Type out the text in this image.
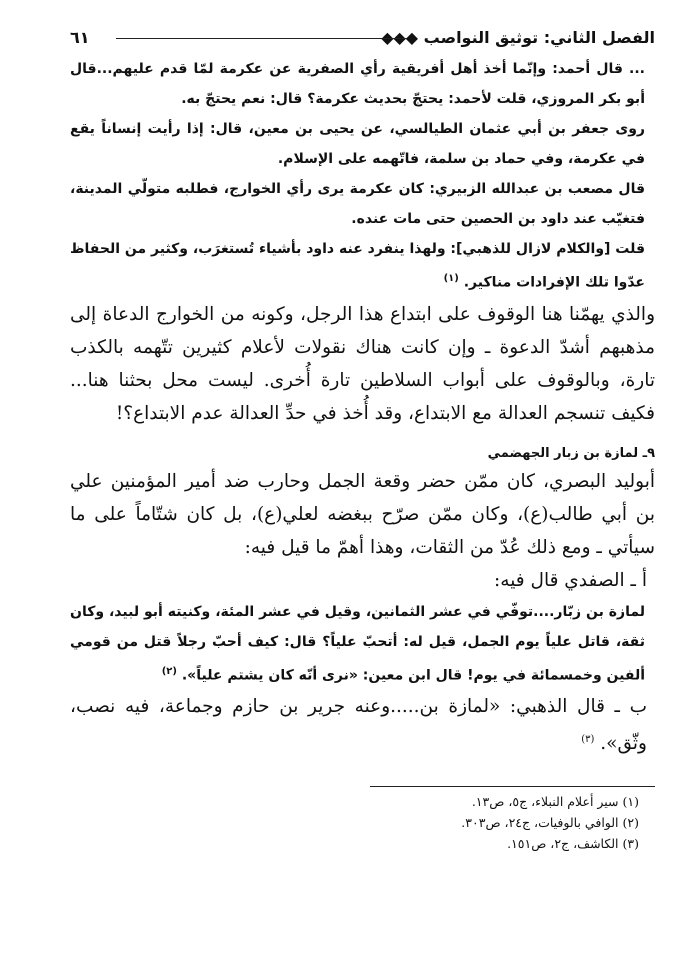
الفصل الثاني: توثيق النواصب ◆◆◆
٦١

... قال أحمد: وإنّما أخذ أهل أفريقية رأي الصفرية عن عكرمة لمّا قدم عليهم...قال أبو بكر المروزي، قلت لأحمد: يحتجّ بحديث عكرمة؟ قال: نعم يحتجّ به.

روى جعفر بن أبي عثمان الطيالسي، عن يحيى بن معين، قال: إذا رأيت إنساناً يقع في عكرمة، وفي حماد بن سلمة، فاتّهمه على الإسلام.

قال مصعب بن عبدالله الزبيري: كان عكرمة يرى رأي الخوارج، فطلبه متولّي المدينة، فتغيّب عند داود بن الحصين حتى مات عنده.

قلت [والكلام لازال للذهبي]: ولهذا ينفرد عنه داود بأشياء تُستغرَب، وكثير من الحفاظ عدّوا تلك الإفرادات مناكير. $^{(١)}$

والذي يهمّنا هنا الوقوف على ابتداع هذا الرجل، وكونه من الخوارج الدعاة إلى مذهبهم أشدّ الدعوة ـ وإن كانت هناك نقولات لأعلام كثيرين تتّهمه بالكذب تارة، وبالوقوف على أبواب السلاطين تارة أُخرى. ليست محل بحثنا هنا... فكيف تنسجم العدالة مع الابتداع، وقد أُخذ في حدِّ العدالة عدم الابتداع؟!

٩ـ لمازة بن زبار الجهضمي

أبوليد البصري، كان ممّن حضر وقعة الجمل وحارب ضد أمير المؤمنين علي بن أبي طالب(ع)، وكان ممّن صرّح ببغضه لعلي(ع)، بل كان شتّاماً على ما سيأتي ـ ومع ذلك عُدّ من الثقات، وهذا أهمّ ما قيل فيه:

أ ـ الصفدي قال فيه:

لمازة بن زبّار....توفّي في عشر الثمانين، وقيل في عشر المئة، وكنيته أبو لبيد، وكان ثقة، قاتل علياً يوم الجمل، قيل له: أتحبّ علياً؟ قال: كيف أحبّ رجلاً قتل من قومي ألفين وخمسمائة في يوم! قال ابن معين: «نرى أنّه كان يشتم علياً». $^{(٢)}$

ب ـ قال الذهبي: «لمازة بن.....وعنه جرير بن حازم وجماعة، فيه نصب، وثّق». $^{(٣)}$

(١) سير أعلام النبلاء، ج٥، ص١٣.
(٢) الوافي بالوفيات، ج٢٤، ص٣٠٣.
(٣) الكاشف، ج٢، ص١٥١.
